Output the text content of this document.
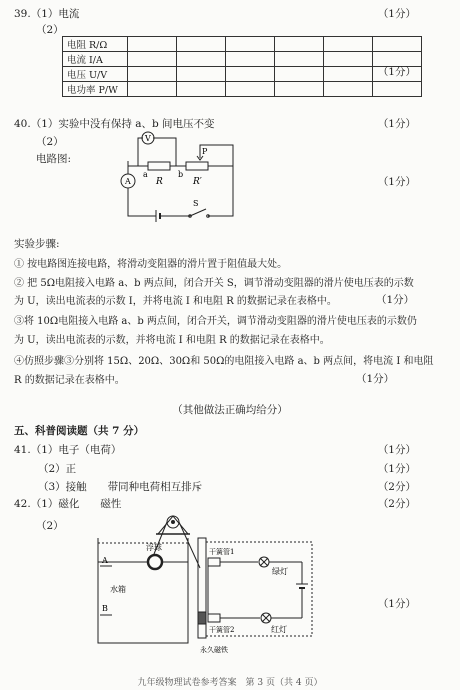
39.（1）电流	（1分）
（2）
电阻 R/Ω						
电流 I/A						
电压 U/V						
电功率 P/W						
（1分）
40.（1）实验中没有保持 a、b 间电压不变	（1分）
（2）
电路图:
（1分）
V
A
a	b
R	R′
P
S
实验步骤:
① 按电路图连接电路，将滑动变阻器的滑片置于阻值最大处。
② 把 5Ω电阻接入电路 a、b 两点间，闭合开关 S，调节滑动变阻器的滑片使电压表的示数
为 U，读出电流表的示数 I，并将电流 I 和电阻 R 的数据记录在表格中。	（1分）
③将 10Ω电阻接入电路 a、b 两点间，闭合开关，调节滑动变阻器的滑片使电压表的示数仍
为 U，读出电流表的示数，并将电流 I 和电阻 R 的数据记录在表格中。
④仿照步骤③分别将 15Ω、20Ω、30Ω和 50Ω的电阻接入电路 a、b 两点间，将电流 I 和电阻
R 的数据记录在表格中。	（1分）
（其他做法正确均给分）
五、科普阅读题（共 7 分）
41.（1）电子（电荷）	（1分）
（2）正	（1分）
（3）接触　　带同种电荷相互排斥	（2分）
42.（1）磁化　　磁性	（2分）
（2）
（1分）
浮球
A
B
水箱
干簧管1
干簧管2
绿灯
红灯
永久磁铁
九年级物理试卷参考答案　第 3 页（共 4 页）
